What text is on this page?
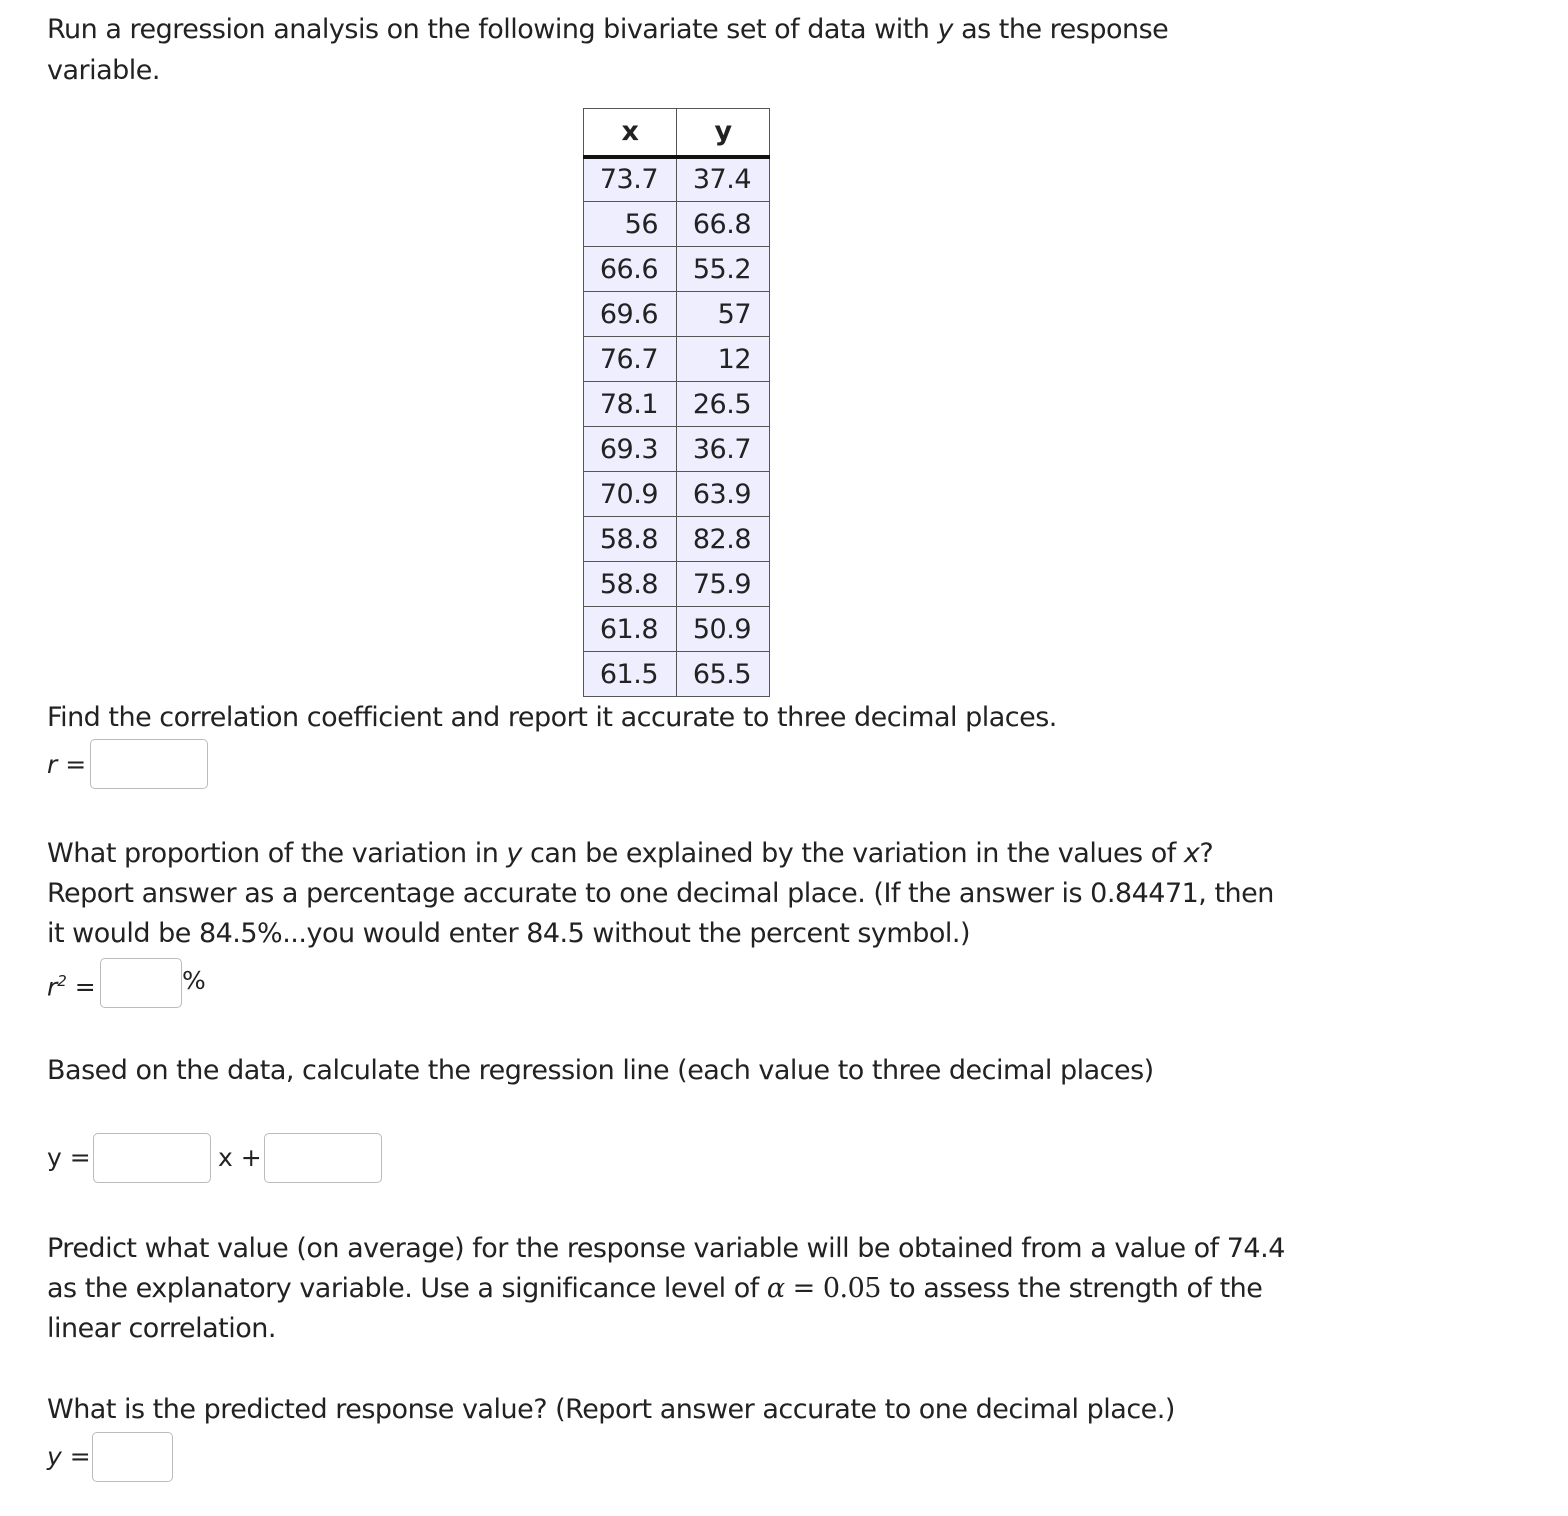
Run a regression analysis on the following bivariate set of data with y as the response
variable.
x	y
73.7	37.4
56	66.8
66.6	55.2
69.6	57
76.7	12
78.1	26.5
69.3	36.7
70.9	63.9
58.8	82.8
58.8	75.9
61.8	50.9
61.5	65.5
Find the correlation coefficient and report it accurate to three decimal places.
r =
What proportion of the variation in y can be explained by the variation in the values of x?
Report answer as a percentage accurate to one decimal place. (If the answer is 0.84471, then
it would be 84.5%...you would enter 84.5 without the percent symbol.)
$r^2$ =	%
Based on the data, calculate the regression line (each value to three decimal places)
y =	x +
Predict what value (on average) for the response variable will be obtained from a value of 74.4
as the explanatory variable. Use a significance level of α = 0.05 to assess the strength of the
linear correlation.
What is the predicted response value? (Report answer accurate to one decimal place.)
y =
